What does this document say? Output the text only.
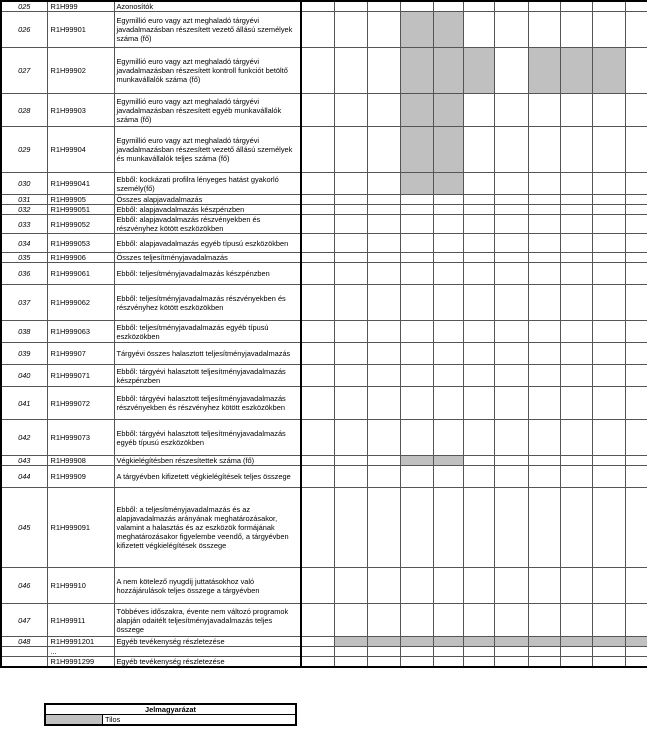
025	R1H999	Azonosítók														
026	R1H99901	Egymillió euro vagy azt meghaladó tárgyévi javadalmazásban részesített vezető állású személyek száma (fő)														
027	R1H99902	Egymillió euro vagy azt meghaladó tárgyévi javadalmazásban részesített kontroll funkciót betöltő munkavállalók száma (fő)														
028	R1H99903	Egymillió euro vagy azt meghaladó tárgyévi javadalmazásban részesített egyéb munkavállalók száma (fő)														
029	R1H99904	Egymillió euro vagy azt meghaladó tárgyévi javadalmazásban részesített vezető állású személyek és munkavállalók teljes száma (fő)														
030	R1H999041	Ebből: kockázati profilra lényeges hatást gyakorló személy(fő)														
031	R1H99905	Összes alapjavadalmazás														
032	R1H999051	Ebből: alapjavadalmazás készpénzben														
033	R1H999052	Ebből: alapjavadalmazás részvényekben és részvényhez kötött eszközökben														
034	R1H999053	Ebből: alapjavadalmazás egyéb típusú eszközökben														
035	R1H99906	Összes teljesítményjavadalmazás														
036	R1H999061	Ebből: teljesítményjavadalmazás készpénzben														
037	R1H999062	Ebből: teljesítményjavadalmazás részvényekben és részvényhez kötött eszközökben														
038	R1H999063	Ebből: teljesítményjavadalmazás egyéb típusú eszközökben														
039	R1H99907	Tárgyévi összes halasztott teljesítményjavadalmazás														
040	R1H999071	Ebből: tárgyévi halasztott teljesítményjavadalmazás készpénzben														
041	R1H999072	Ebből: tárgyévi halasztott teljesítményjavadalmazás részvényekben és részvényhez kötött eszközökben														
042	R1H999073	Ebből: tárgyévi halasztott teljesítményjavadalmazás egyéb típusú eszközökben														
043	R1H99908	Végkielégítésben részesítettek száma (fő)														
044	R1H99909	A tárgyévben kifizetett végkielégítések teljes összege														
045	R1H999091	Ebből: a teljesítményjavadalmazás és az alapjavadalmazás arányának meghatározásakor, valamint a halasztás és az eszközök formájának meghatározásakor figyelembe veendő, a tárgyévben kifizetett végkielégítések összege														
046	R1H99910	A nem kötelező nyugdíj juttatásokhoz való hozzájárulások teljes összege a tárgyévben														
047	R1H99911	Többéves időszakra, évente nem változó programok alapján odaitélt teljesítményjavadalmazás teljes összege														
048	R1H9991201	Egyéb tevékenység részletezése														
	...															
	R1H9991299	Egyéb tevékenység részletezése														
Jelmagyarázat
	Tilos
